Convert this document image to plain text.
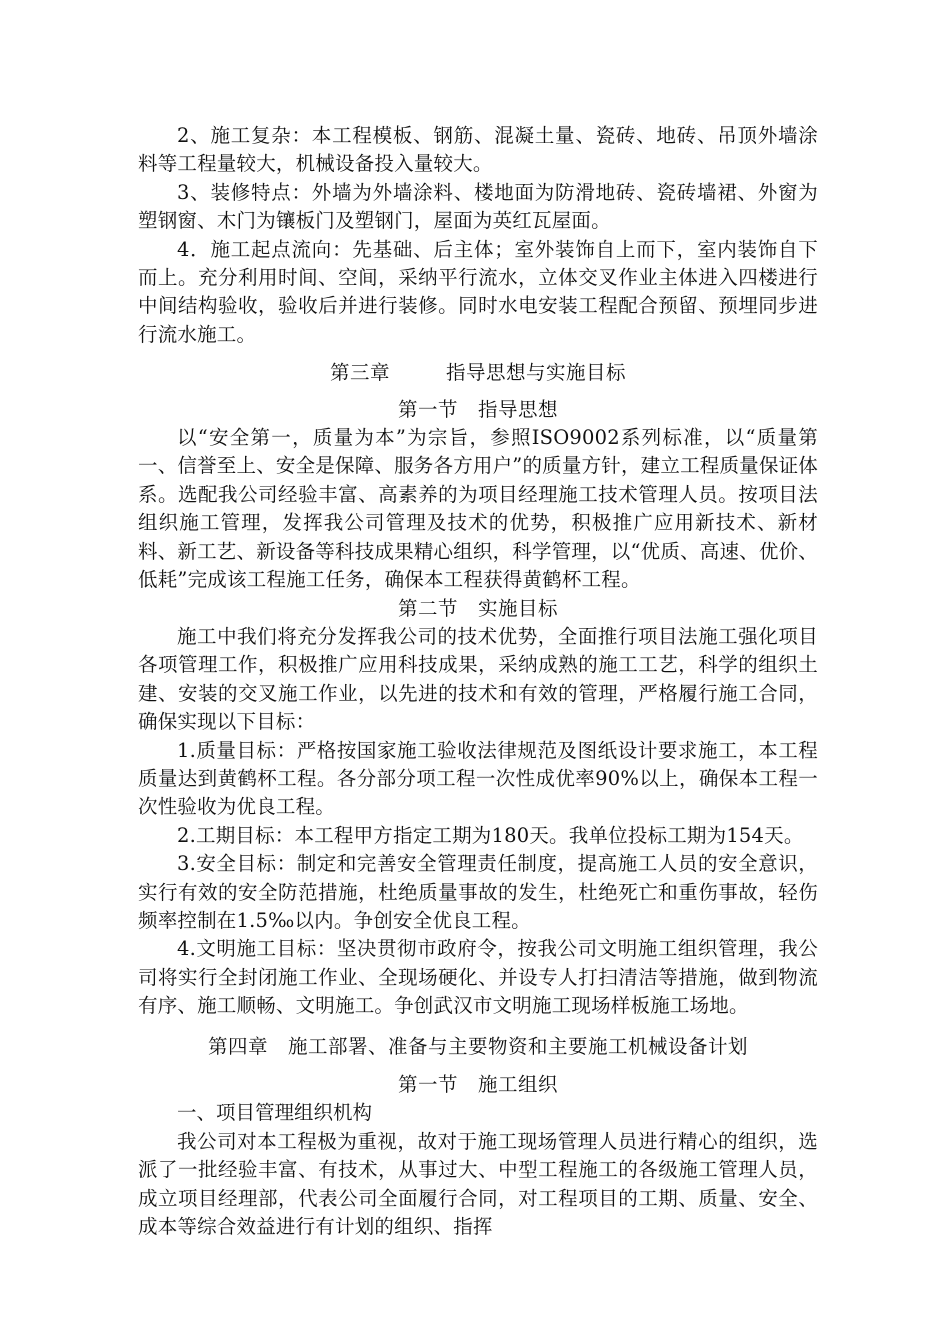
2、施工复杂：本工程模板、钢筋、混凝土量、瓷砖、地砖、吊顶外墙涂料等工程量较大，机械设备投入量较大。

3、装修特点：外墙为外墙涂料、楼地面为防滑地砖、瓷砖墙裙、外窗为塑钢窗、木门为镶板门及塑钢门，屋面为英红瓦屋面。

4．施工起点流向：先基础、后主体；室外装饰自上而下，室内装饰自下而上。充分利用时间、空间，采纳平行流水，立体交叉作业主体进入四楼进行中间结构验收，验收后并进行装修。同时水电安装工程配合预留、预埋同步进行流水施工。

第三章	指导思想与实施目标
第一节 指导思想

以“安全第一，质量为本”为宗旨，参照ISO9002系列标准，以“质量第一、信誉至上、安全是保障、服务各方用户”的质量方针，建立工程质量保证体系。选配我公司经验丰富、高素养的为项目经理施工技术管理人员。按项目法组织施工管理，发挥我公司管理及技术的优势，积极推广应用新技术、新材料、新工艺、新设备等科技成果精心组织，科学管理，以“优质、高速、优价、低耗”完成该工程施工任务，确保本工程获得黄鹤杯工程。

第二节 实施目标

施工中我们将充分发挥我公司的技术优势，全面推行项目法施工强化项目各项管理工作，积极推广应用科技成果，采纳成熟的施工工艺，科学的组织土建、安装的交叉施工作业，以先进的技术和有效的管理，严格履行施工合同，确保实现以下目标：

1.质量目标：严格按国家施工验收法律规范及图纸设计要求施工，本工程质量达到黄鹤杯工程。各分部分项工程一次性成优率90%以上，确保本工程一次性验收为优良工程。

2.工期目标：本工程甲方指定工期为180天。我单位投标工期为154天。

3.安全目标：制定和完善安全管理责任制度，提高施工人员的安全意识，实行有效的安全防范措施，杜绝质量事故的发生，杜绝死亡和重伤事故，轻伤频率控制在1.5‰以内。争创安全优良工程。

4.文明施工目标：坚决贯彻市政府令，按我公司文明施工组织管理，我公司将实行全封闭施工作业、全现场硬化、并设专人打扫清洁等措施，做到物流有序、施工顺畅、文明施工。争创武汉市文明施工现场样板施工场地。

第四章 施工部署、准备与主要物资和主要施工机械设备计划
第一节 施工组织

一、项目管理组织机构

我公司对本工程极为重视，故对于施工现场管理人员进行精心的组织，选派了一批经验丰富、有技术，从事过大、中型工程施工的各级施工管理人员，成立项目经理部，代表公司全面履行合同，对工程项目的工期、质量、安全、成本等综合效益进行有计划的组织、指挥
